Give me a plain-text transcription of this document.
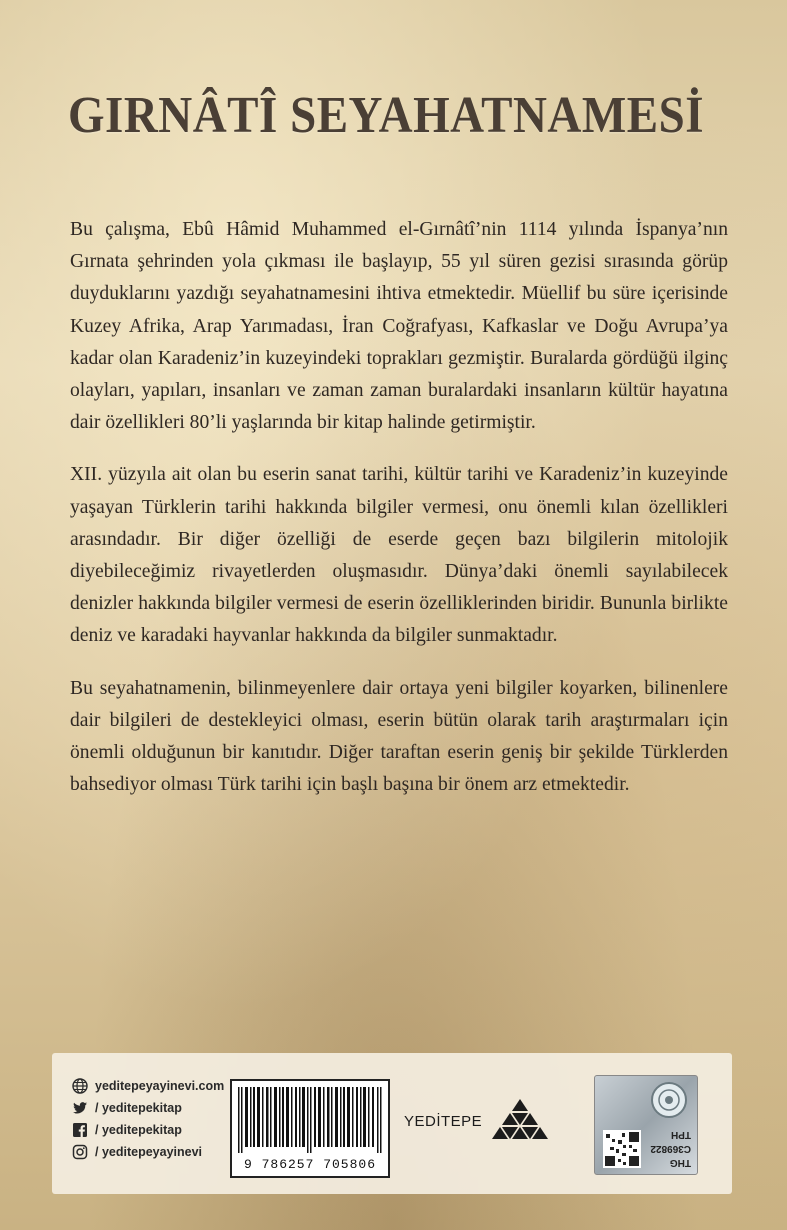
GIRNÂTÎ SEYAHATNAMESİ

Bu çalışma, Ebû Hâmid Muhammed el-Gırnâtî’nin 1114 yılında İspanya’nın Gırnata şehrinden yola çıkması ile başlayıp, 55 yıl süren gezisi sırasında görüp duyduklarını yazdığı seyahatnamesini ihtiva etmektedir. Müellif bu süre içerisinde Kuzey Afrika, Arap Yarımadası, İran Coğrafyası, Kafkaslar ve Doğu Avrupa’ya kadar olan Karadeniz’in kuzeyindeki toprakları gezmiştir. Buralarda gördüğü ilginç olayları, yapıları, insanları ve zaman zaman buralardaki insanların kültür hayatına dair özellikleri 80’li yaşlarında bir kitap halinde getirmiştir.

XII. yüzyıla ait olan bu eserin sanat tarihi, kültür tarihi ve Karadeniz’in kuzeyinde yaşayan Türklerin tarihi hakkında bilgiler vermesi, onu önemli kılan özellikleri arasındadır. Bir diğer özelliği de eserde geçen bazı bilgilerin mitolojik diyebileceğimiz rivayetlerden oluşmasıdır. Dünya’daki önemli sayılabilecek denizler hakkında bilgiler vermesi de eserin özelliklerinden biridir. Bununla birlikte deniz ve karadaki hayvanlar hakkında da bilgiler sunmaktadır.

Bu seyahatnamenin, bilinmeyenlere dair ortaya yeni bilgiler koyarken, bilinenlere dair bilgileri de destekleyici olması, eserin bütün olarak tarih araştırmaları için önemli olduğunun bir kanıtıdır. Diğer taraftan eserin geniş bir şekilde Türklerden bahsediyor olması Türk tarihi için başlı başına bir önem arz etmektedir.

yeditepeyayinevi.com
/ yeditepekitap
/ yeditepekitap
/ yeditepeyayinevi
9 786257 705806
YEDİTEPE
THG
C369822
TPH
